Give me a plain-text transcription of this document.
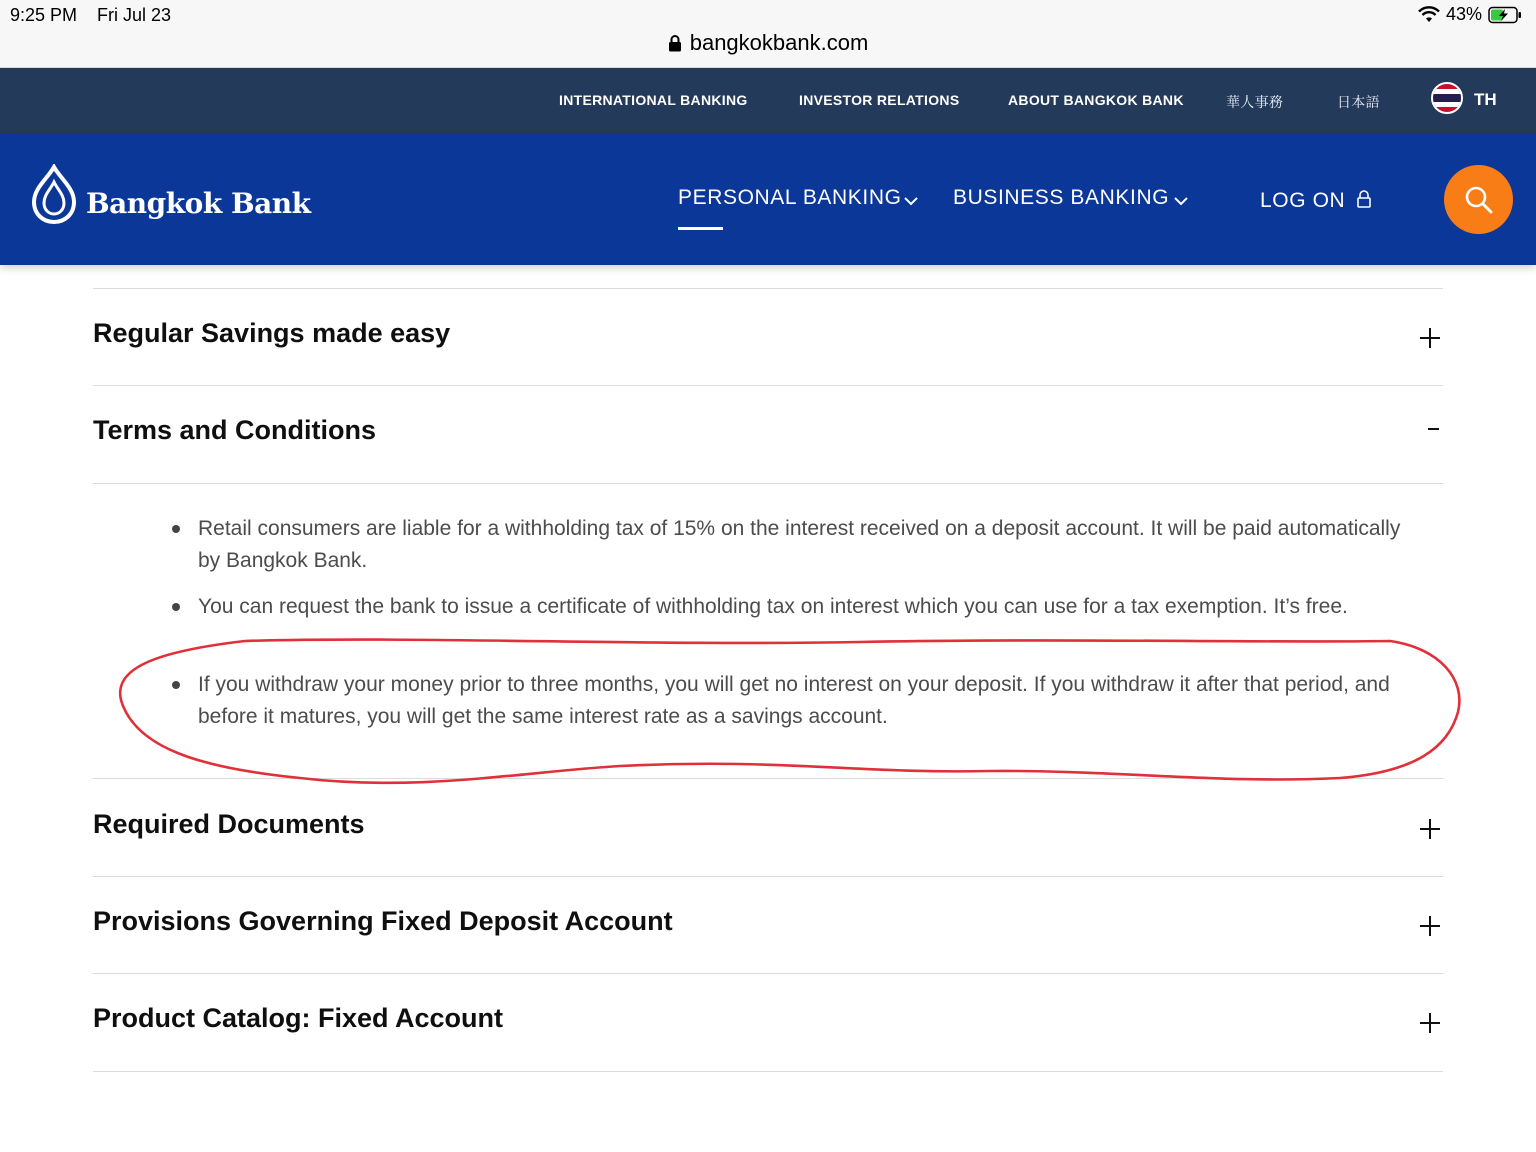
9:25 PM Fri Jul 23	43%
bangkokbank.com
INTERNATIONAL BANKING	INVESTOR RELATIONS	ABOUT BANGKOK BANK	華人事務	日本語	TH
Bangkok Bank	PERSONAL BANKING BUSINESS BANKING	LOG ON
Regular Savings made easy
Terms and Conditions

Retail consumers are liable for a withholding tax of 15% on the interest received on a deposit account. It will be paid automatically by Bangkok Bank.

You can request the bank to issue a certificate of withholding tax on interest which you can use for a tax exemption. It’s free.

If you withdraw your money prior to three months, you will get no interest on your deposit. If you withdraw it after that period, and before it matures, you will get the same interest rate as a savings account.

Required Documents
Provisions Governing Fixed Deposit Account
Product Catalog: Fixed Account
